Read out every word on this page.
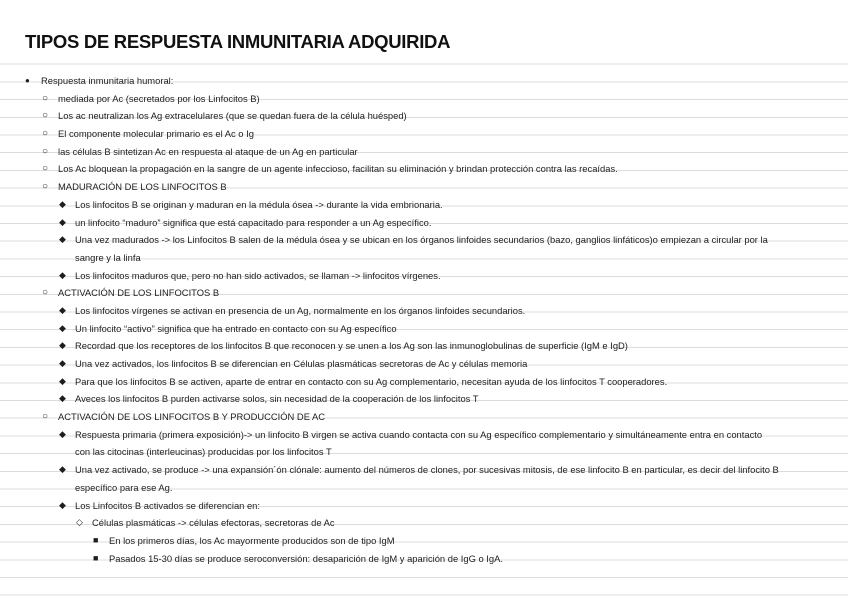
TIPOS DE RESPUESTA INMUNITARIA ADQUIRIDA
● Respuesta inmunitaria humoral:
○ mediada por Ac (secretados por los Linfocitos B)
○ Los ac neutralizan los Ag extracelulares (que se quedan fuera de la célula huésped)
○ El componente molecular primario es el Ac o Ig
○ las células B sintetizan Ac en respuesta al ataque de un Ag en particular
○ Los Ac bloquean la propagación en la sangre de un agente infeccioso, facilitan su eliminación y brindan protección contra las recaídas.
○ MADURACIÓN DE LOS LINFOCITOS B
◆ Los linfocitos B se originan y maduran en la médula ósea -> durante la vida embrionaria.
◆ un linfocito “maduro” significa que está capacitado para responder a un Ag específico.
◆ Una vez madurados -> los Linfocitos B salen de la médula ósea y se ubican en los órganos linfoides secundarios (bazo, ganglios linfáticos)o empiezan a circular por la
sangre y la linfa
◆ Los linfocitos maduros que, pero no han sido activados, se llaman -> linfocitos vírgenes.
○ ACTIVACIÓN DE LOS LINFOCITOS B
◆ Los linfocitos vírgenes se activan en presencia de un Ag, normalmente en los órganos linfoides secundarios.
◆ Un linfocito “activo” significa que ha entrado en contacto con su Ag específico
◆ Recordad que los receptores de los linfocitos B que reconocen y se unen a los Ag son las inmunoglobulinas de superficie (IgM e IgD)
◆ Una vez activados, los linfocitos B se diferencian en Células plasmáticas secretoras de Ac y células memoria
◆ Para que los linfocitos B se activen, aparte de entrar en contacto con su Ag complementario, necesitan ayuda de los linfocitos T cooperadores.
◆ Aveces los linfocitos B purden activarse solos, sin necesidad de la cooperación de los linfocitos T
○ ACTIVACIÓN DE LOS LINFOCITOS B Y PRODUCCIÓN DE AC
◆ Respuesta primaria (primera exposición)-> un linfocito B virgen se activa cuando contacta con su Ag específico complementario y simultáneamente entra en contacto
con las citocinas (interleucinas) producidas por los linfocitos T
◆ Una vez activado, se produce -> una expansión´ón clónale: aumento del números de clones, por sucesivas mitosis, de ese linfocito B en particular, es decir del linfocito B
específico para ese Ag.
◆ Los Linfocitos B activados se diferencian en:
◇ Células plasmáticas -> células efectoras, secretoras de Ac
■ En los primeros días, los Ac mayormente producidos son de tipo IgM
■ Pasados 15-30 días se produce seroconversión: desaparición de IgM y aparición de IgG o IgA.
